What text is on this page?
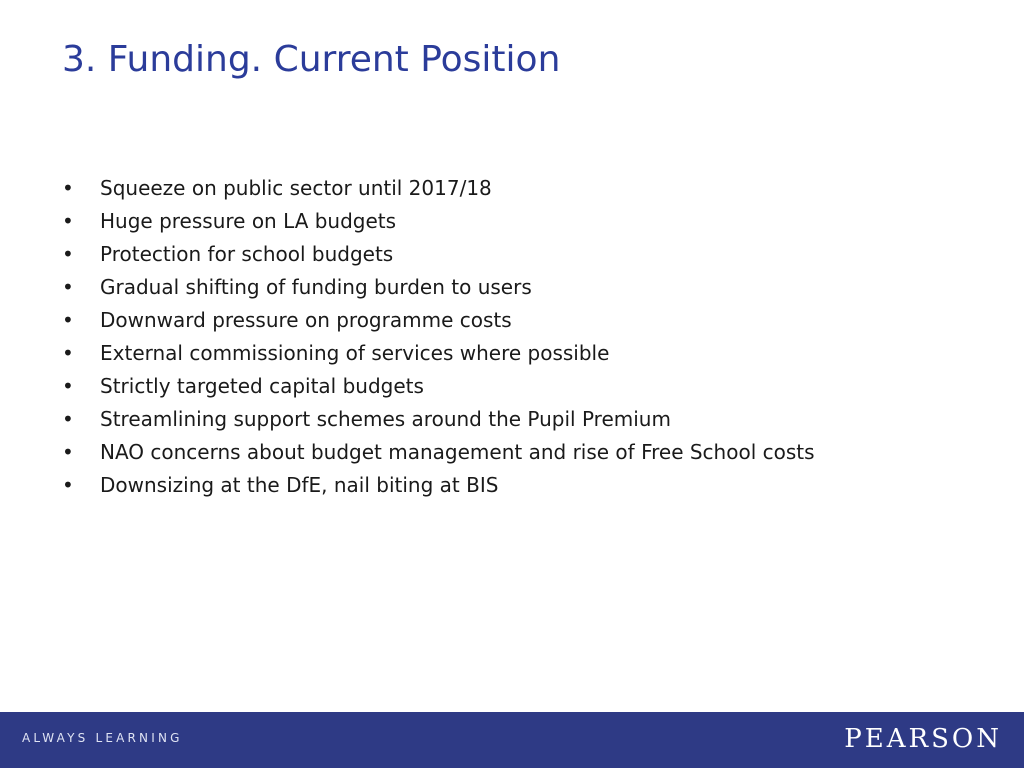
3. Funding. Current Position
•	Squeeze on public sector until 2017/18
•	Huge pressure on LA budgets
•	Protection for school budgets
•	Gradual shifting of funding burden to users
•	Downward pressure on programme costs
•	External commissioning of services where possible
•	Strictly targeted capital budgets
•	Streamlining support schemes around the Pupil Premium
•	NAO concerns about budget management and rise of Free School costs
•	Downsizing at the DfE, nail biting at BIS
ALWAYS LEARNING	PEARSON
